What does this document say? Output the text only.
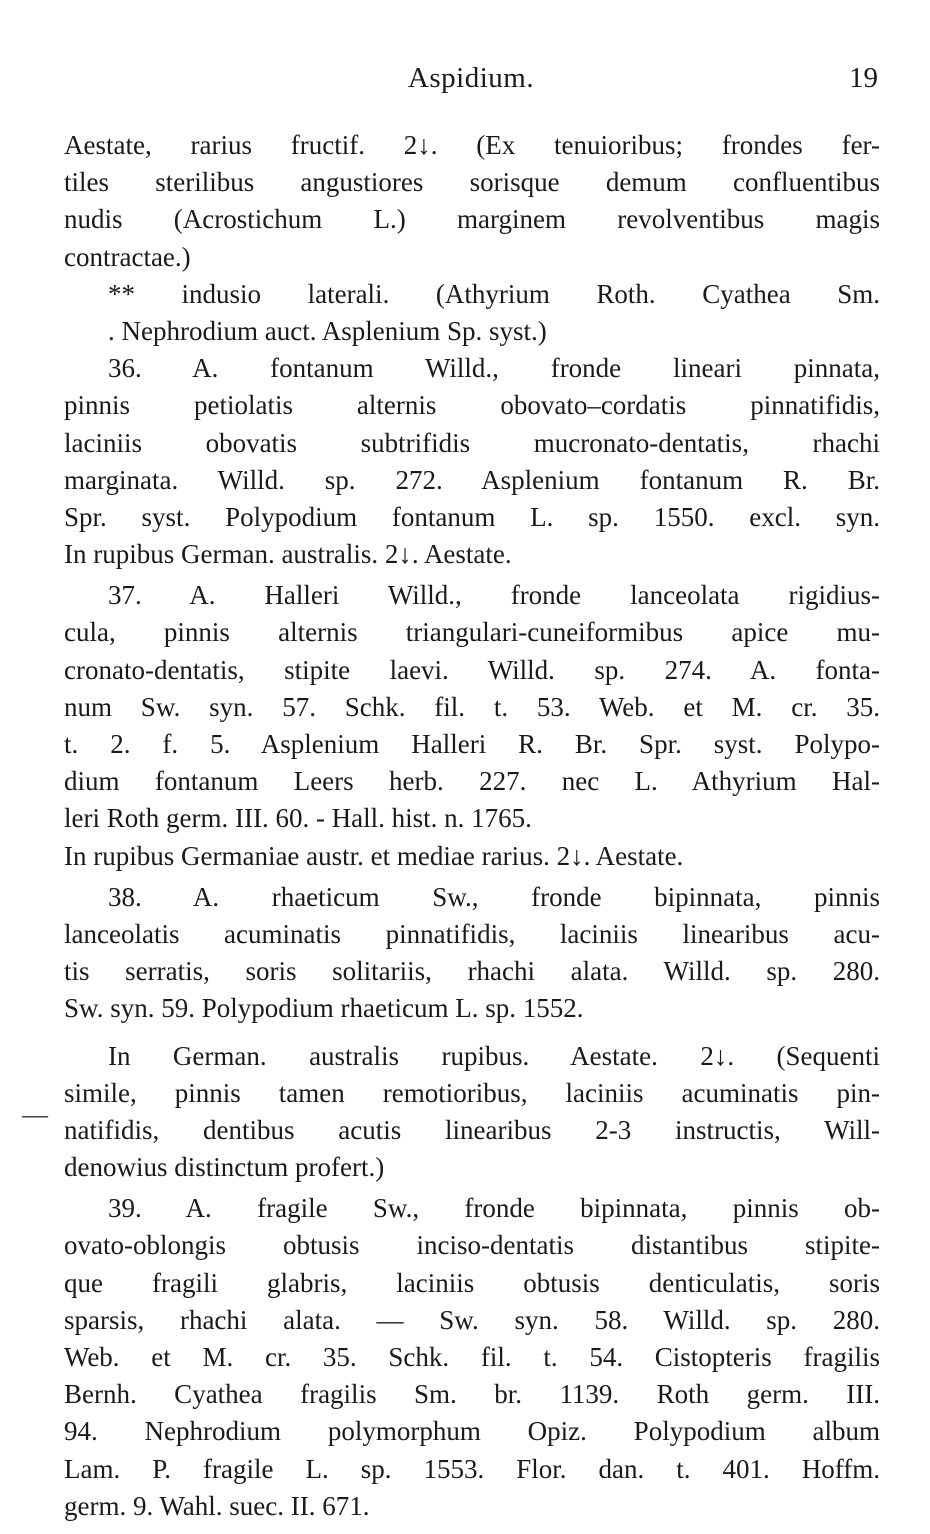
Aspidium.	19
—
Aestate, rarius fructif. 2↓. (Ex tenuioribus; frondes fer-
tiles sterilibus angustiores sorisque demum confluentibus
nudis (Acrostichum L.) marginem revolventibus magis
contractae.)
** indusio laterali. (Athyrium Roth. Cyathea Sm.
. Nephrodium auct. Asplenium Sp. syst.)
36. A. fontanum Willd., fronde lineari pinnata,
pinnis petiolatis alternis obovato–cordatis pinnatifidis,
laciniis obovatis subtrifidis mucronato-dentatis, rhachi
marginata. Willd. sp. 272. Asplenium fontanum R. Br.
Spr. syst. Polypodium fontanum L. sp. 1550. excl. syn.
In rupibus German. australis. 2↓. Aestate.
37. A. Halleri Willd., fronde lanceolata rigidius-
cula, pinnis alternis triangulari-cuneiformibus apice mu-
cronato-dentatis, stipite laevi. Willd. sp. 274. A. fonta-
num Sw. syn. 57. Schk. fil. t. 53. Web. et M. cr. 35.
t. 2. f. 5. Asplenium Halleri R. Br. Spr. syst. Polypo-
dium fontanum Leers herb. 227. nec L. Athyrium Hal-
leri Roth germ. III. 60. - Hall. hist. n. 1765.
In rupibus Germaniae austr. et mediae rarius. 2↓. Aestate.
38. A. rhaeticum Sw., fronde bipinnata, pinnis
lanceolatis acuminatis pinnatifidis, laciniis linearibus acu-
tis serratis, soris solitariis, rhachi alata. Willd. sp. 280.
Sw. syn. 59. Polypodium rhaeticum L. sp. 1552.
In German. australis rupibus. Aestate. 2↓. (Sequenti
simile, pinnis tamen remotioribus, laciniis acuminatis pin-
natifidis, dentibus acutis linearibus 2-3 instructis, Will-
denowius distinctum profert.)
39. A. fragile Sw., fronde bipinnata, pinnis ob-
ovato-oblongis obtusis inciso-dentatis distantibus stipite-
que fragili glabris, laciniis obtusis denticulatis, soris
sparsis, rhachi alata. — Sw. syn. 58. Willd. sp. 280.
Web. et M. cr. 35. Schk. fil. t. 54. Cistopteris fragilis
Bernh. Cyathea fragilis Sm. br. 1139. Roth germ. III.
94. Nephrodium polymorphum Opiz. Polypodium album
Lam. P. fragile L. sp. 1553. Flor. dan. t. 401. Hoffm.
germ. 9. Wahl. suec. II. 671.
